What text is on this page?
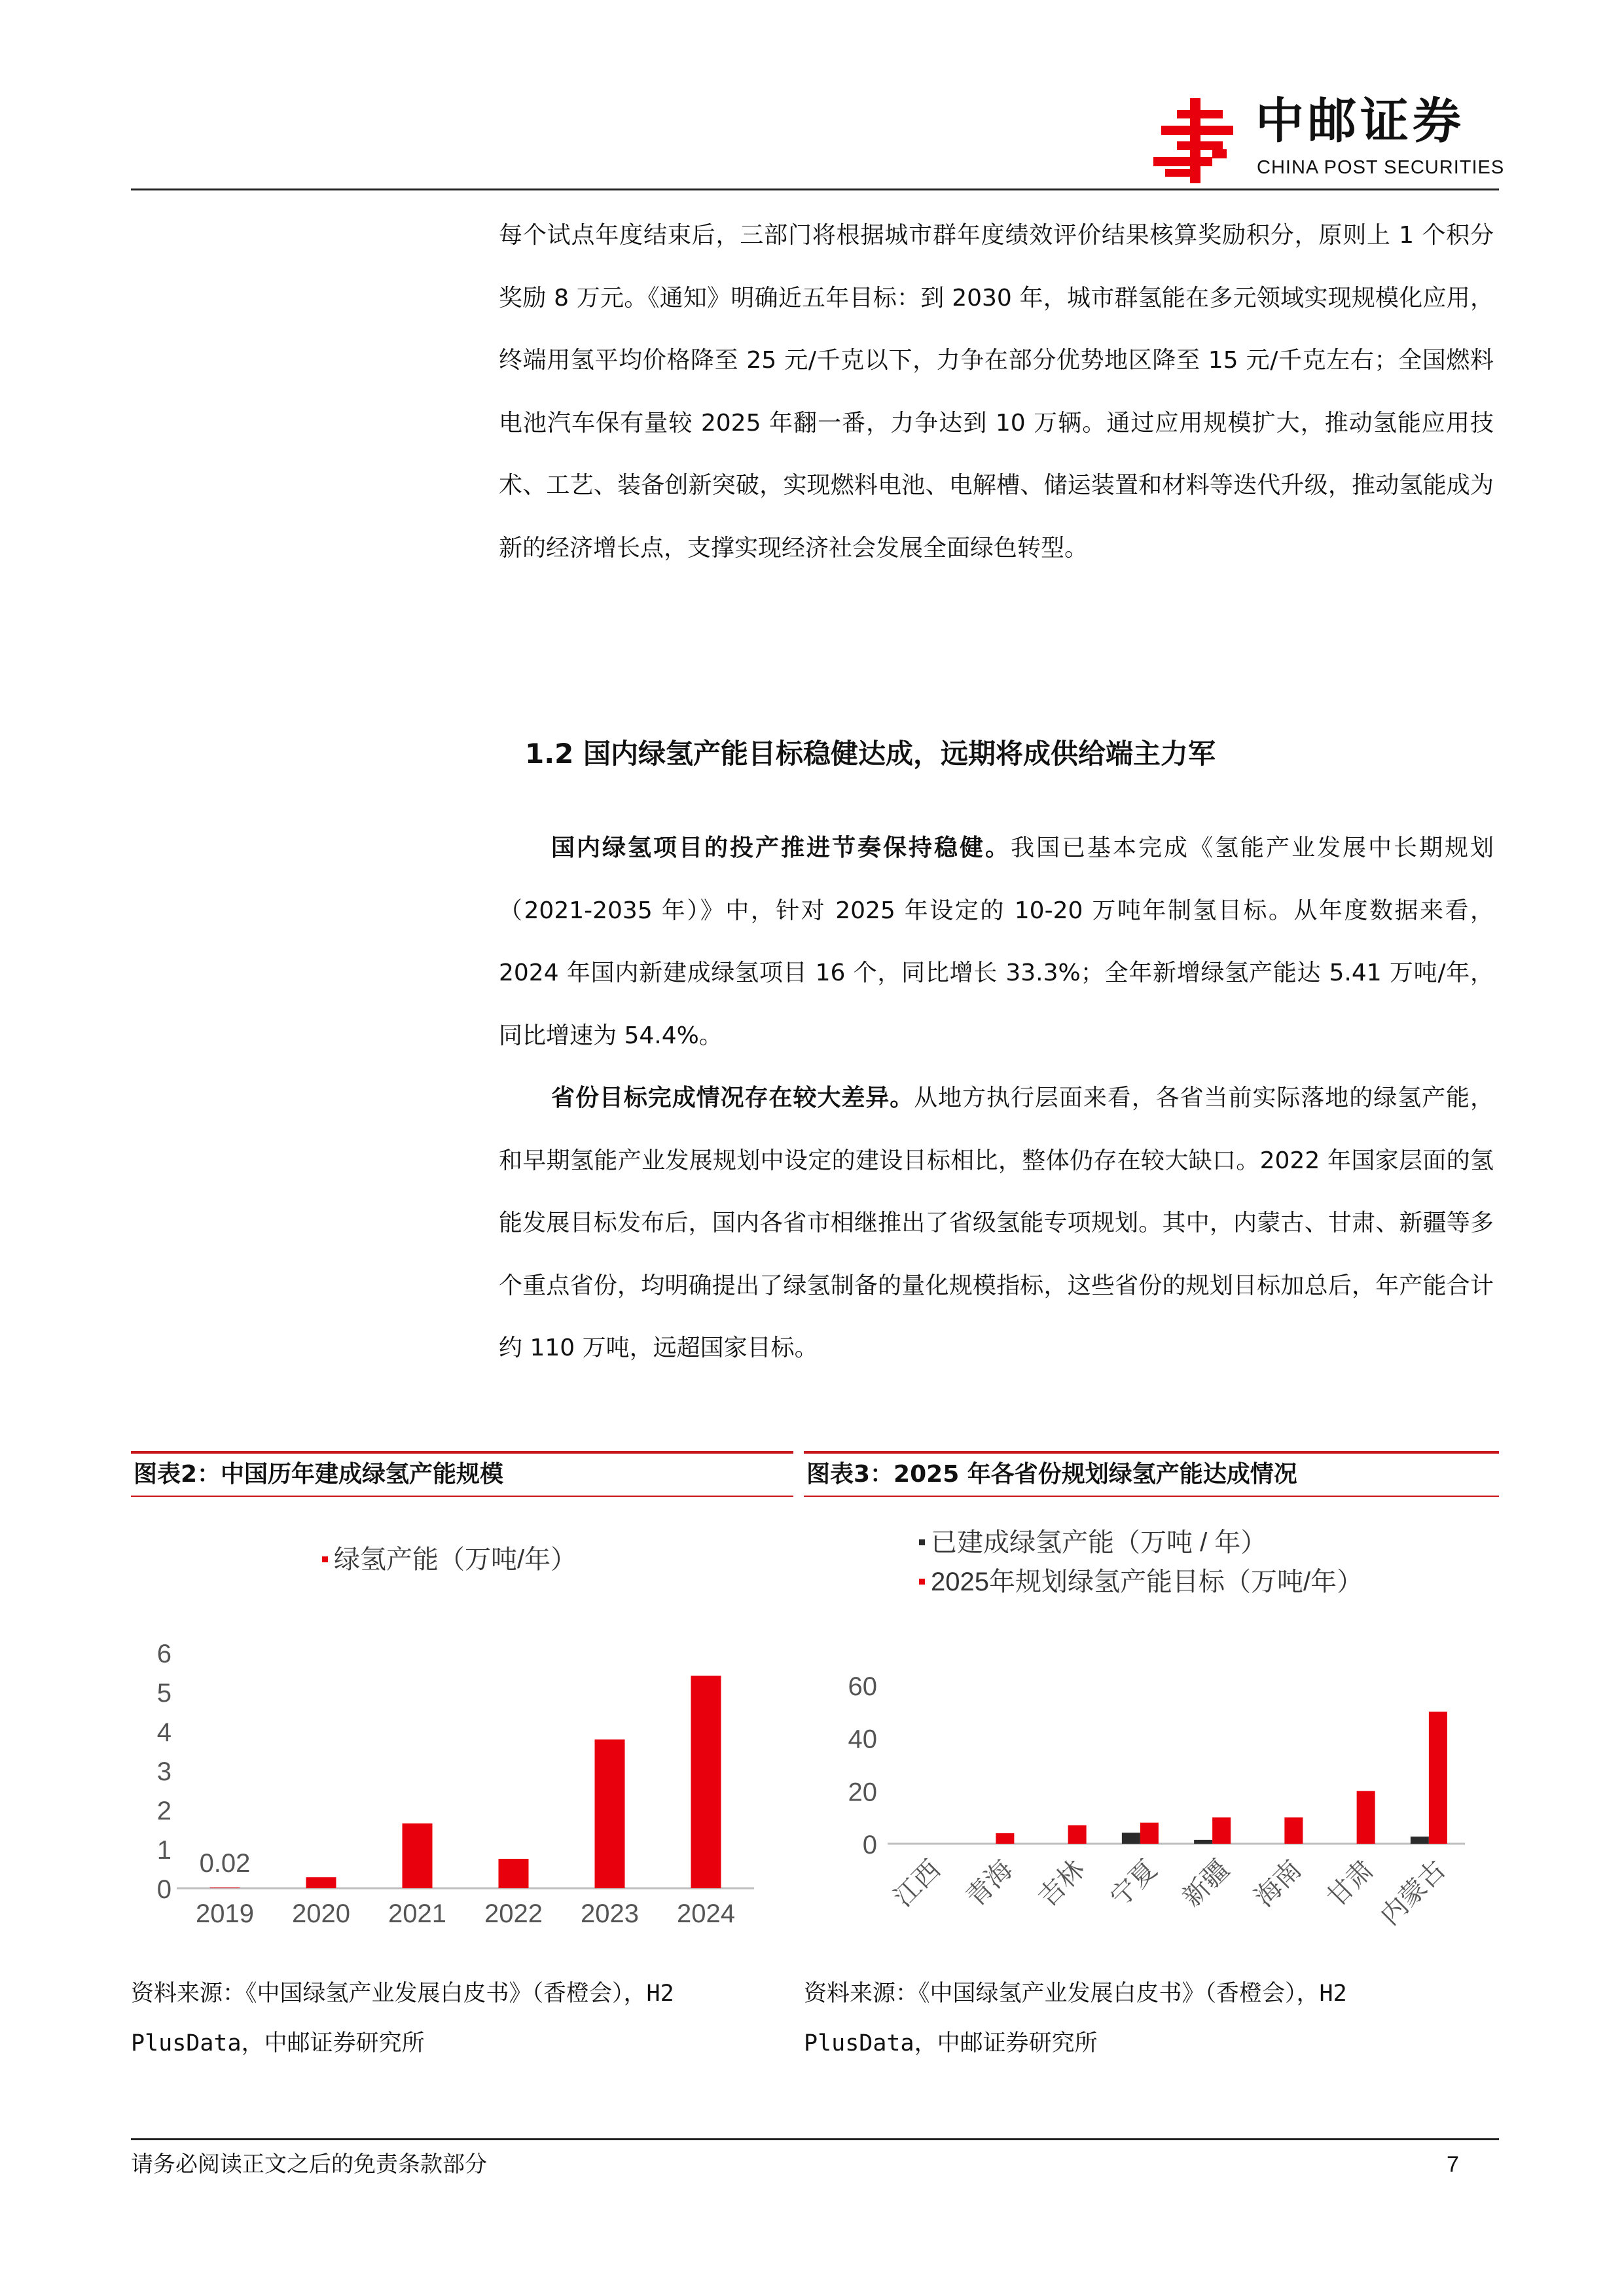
中邮证券
CHINA POST SECURITIES
每个试点年度结束后，三部门将根据城市群年度绩效评价结果核算奖励积分，原则上 1 个积分奖励 8 万元。《通知》明确近五年目标：到 2030 年，城市群氢能在多元领域实现规模化应用，终端用氢平均价格降至 25 元/千克以下，力争在部分优势地区降至 15 元/千克左右；全国燃料电池汽车保有量较 2025 年翻一番，力争达到 10 万辆。通过应用规模扩大，推动氢能应用技术、工艺、装备创新突破，实现燃料电池、电解槽、储运装置和材料等迭代升级，推动氢能成为新的经济增长点，支撑实现经济社会发展全面绿色转型。
1.2 国内绿氢产能目标稳健达成，远期将成供给端主力军
国内绿氢项目的投产推进节奏保持稳健。我国已基本完成《氢能产业发展中长期规划（2021-2035 年）》中，针对 2025 年设定的 10-20 万吨年制氢目标。从年度数据来看，2024 年国内新建成绿氢项目 16 个，同比增长 33.3%；全年新增绿氢产能达 5.41 万吨/年，同比增速为 54.4%。
省份目标完成情况存在较大差异。从地方执行层面来看，各省当前实际落地的绿氢产能，和早期氢能产业发展规划中设定的建设目标相比，整体仍存在较大缺口。2022 年国家层面的氢能发展目标发布后，国内各省市相继推出了省级氢能专项规划。其中，内蒙古、甘肃、新疆等多个重点省份，均明确提出了绿氢制备的量化规模指标，这些省份的规划目标加总后，年产能合计约 110 万吨，远超国家目标。
图表2：中国历年建成绿氢产能规模	图表3：2025 年各省份规划绿氢产能达成情况
绿氢产能（万吨/年）
0
1
2
3
4
5
6
2019
0.02
2020 2021 2022 2023 2024
已建成绿氢产能（万吨 / 年）
2025年规划绿氢产能目标（万吨/年）
0
20
40
60
江西 青海 吉林 宁夏 新疆 海南 甘肃
内蒙古
资料来源：《中国绿氢产业发展白皮书》（香橙会），H2
PlusData，中邮证券研究所
资料来源：《中国绿氢产业发展白皮书》（香橙会），H2
PlusData，中邮证券研究所
请务必阅读正文之后的免责条款部分	7
